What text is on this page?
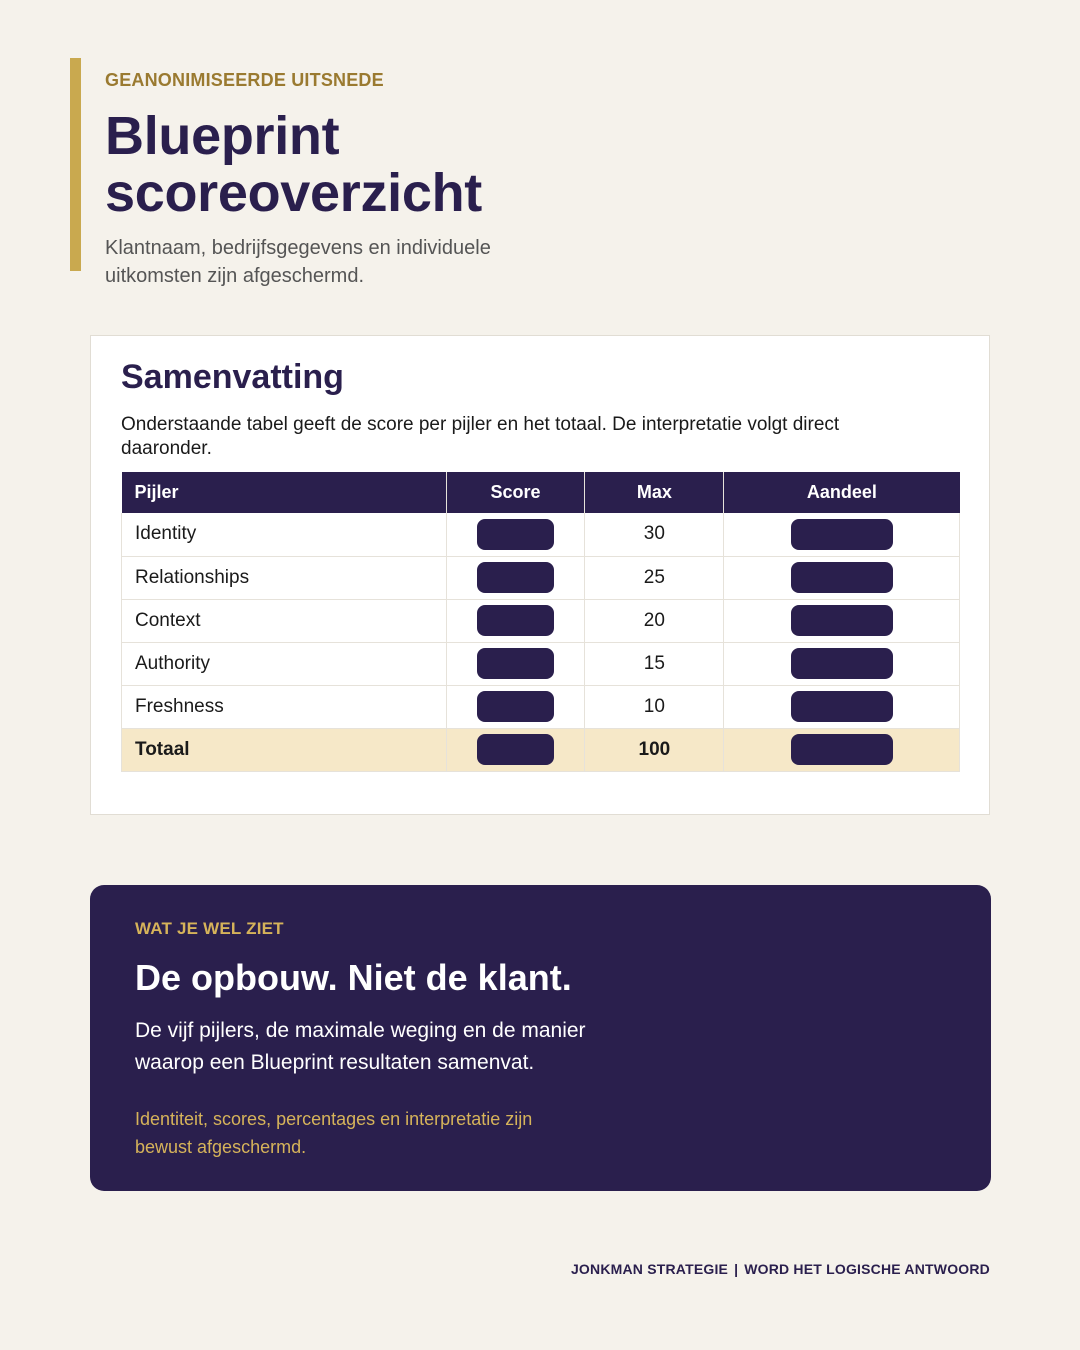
GEANONIMISEERDE UITSNEDE
Blueprint
scoreoverzicht

Klantnaam, bedrijfsgegevens en individuele uitkomsten zijn afgeschermd.

Samenvatting

Onderstaande tabel geeft de score per pijler en het totaal. De interpretatie volgt direct daaronder.

Pijler	Score	Max	Aandeel
Identity		30	
Relationships		25	
Context		20	
Authority		15	
Freshness		10	
Totaal		100	
WAT JE WEL ZIET
De opbouw. Niet de klant.

De vijf pijlers, de maximale weging en de manier waarop een Blueprint resultaten samenvat.

Identiteit, scores, percentages en interpretatie zijn bewust afgeschermd.

JONKMAN STRATEGIE | WORD HET LOGISCHE ANTWOORD
